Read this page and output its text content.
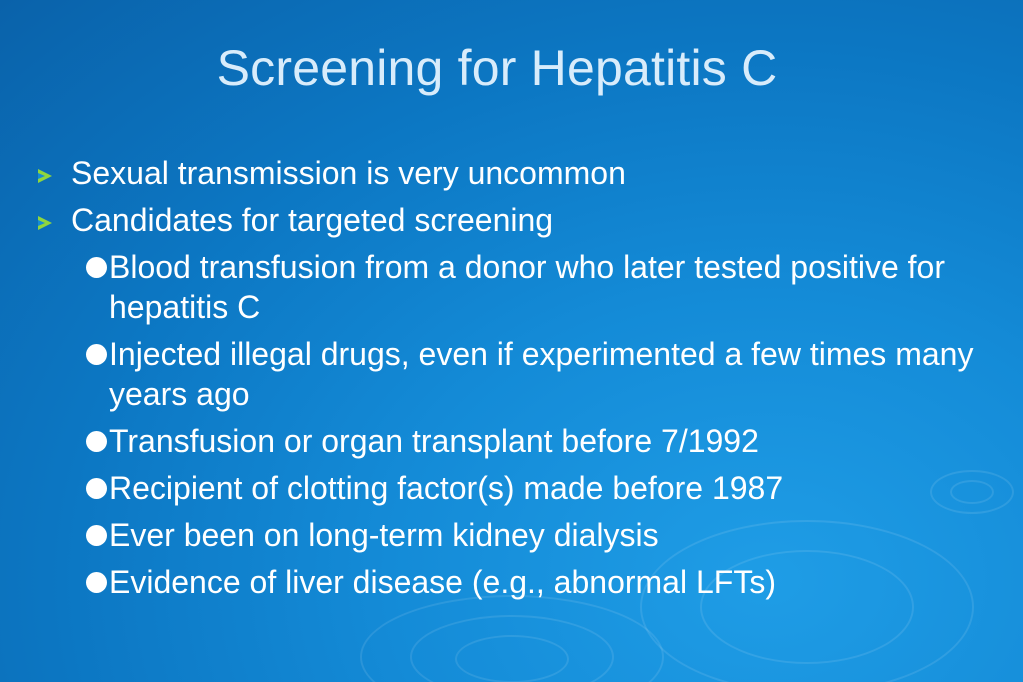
Screening for Hepatitis C
Sexual transmission is very uncommon
Candidates for targeted screening
Blood transfusion from a donor who later tested positive for hepatitis C
Injected illegal drugs, even if experimented a few times many years ago
Transfusion or organ transplant before 7/1992
Recipient of clotting factor(s) made before 1987
Ever been on long-term kidney dialysis
Evidence of liver disease (e.g., abnormal LFTs)
